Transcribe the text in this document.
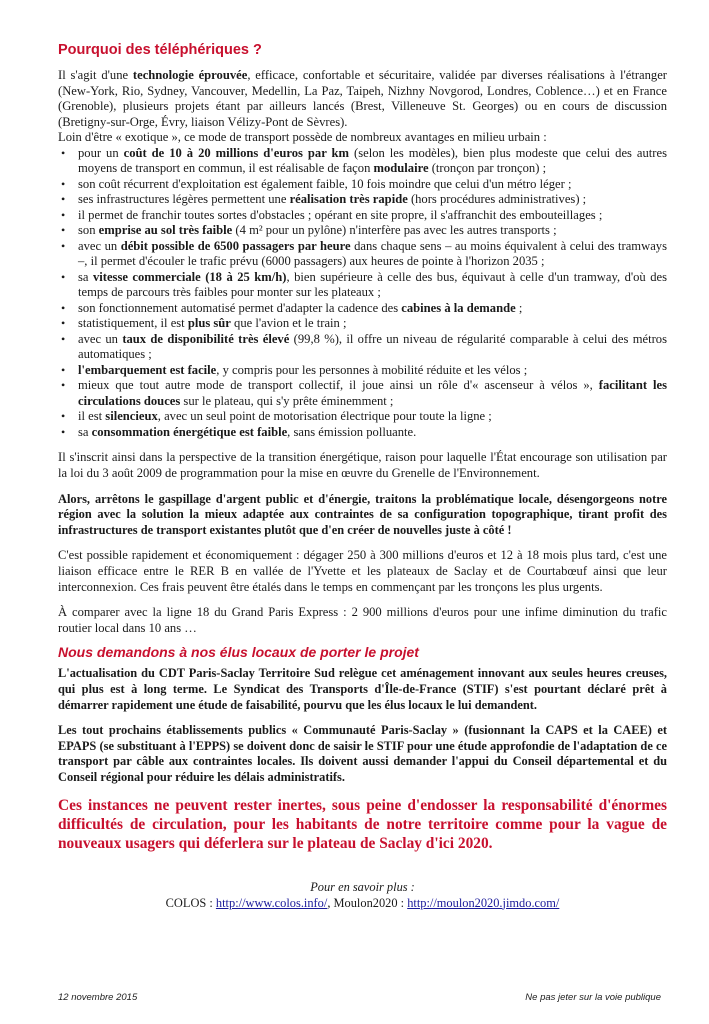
Pourquoi des téléphériques ?

Il s'agit d'une technologie éprouvée, efficace, confortable et sécuritaire, validée par diverses réalisations à l'étranger (New-York, Rio, Sydney, Vancouver, Medellin, La Paz, Taipeh, Nizhny Novgorod, Londres, Coblence…) et en France (Grenoble), plusieurs projets étant par ailleurs lancés (Brest, Villeneuve St. Georges) ou en cours de discussion (Bretigny-sur-Orge, Évry, liaison Vélizy-Pont de Sèvres).

Loin d'être « exotique », ce mode de transport possède de nombreux avantages en milieu urbain :

• pour un coût de 10 à 20 millions d'euros par km (selon les modèles), bien plus modeste que celui des autres moyens de transport en commun, il est réalisable de façon modulaire (tronçon par tronçon) ;
• son coût récurrent d'exploitation est également faible, 10 fois moindre que celui d'un métro léger ;
• ses infrastructures légères permettent une réalisation très rapide (hors procédures administratives) ;
• il permet de franchir toutes sortes d'obstacles ; opérant en site propre, il s'affranchit des embouteillages ;
• son emprise au sol très faible (4 m² pour un pylône) n'interfère pas avec les autres transports ;
• avec un débit possible de 6500 passagers par heure dans chaque sens – au moins équivalent à celui des tramways –, il permet d'écouler le trafic prévu (6000 passagers) aux heures de pointe à l'horizon 2035 ;
• sa vitesse commerciale (18 à 25 km/h), bien supérieure à celle des bus, équivaut à celle d'un tramway, d'où des temps de parcours très faibles pour monter sur les plateaux ;
• son fonctionnement automatisé permet d'adapter la cadence des cabines à la demande ;
• statistiquement, il est plus sûr que l'avion et le train ;
• avec un taux de disponibilité très élevé (99,8 %), il offre un niveau de régularité comparable à celui des métros automatiques ;
• l'embarquement est facile, y compris pour les personnes à mobilité réduite et les vélos ;
• mieux que tout autre mode de transport collectif, il joue ainsi un rôle d'« ascenseur à vélos », facilitant les circulations douces sur le plateau, qui s'y prête éminemment ;
• il est silencieux, avec un seul point de motorisation électrique pour toute la ligne ;
• sa consommation énergétique est faible, sans émission polluante.

Il s'inscrit ainsi dans la perspective de la transition énergétique, raison pour laquelle l'État encourage son utilisation par la loi du 3 août 2009 de programmation pour la mise en œuvre du Grenelle de l'Environnement.

Alors, arrêtons le gaspillage d'argent public et d'énergie, traitons la problématique locale, désengorgeons notre région avec la solution la mieux adaptée aux contraintes de sa configuration topographique, tirant profit des infrastructures de transport existantes plutôt que d'en créer de nouvelles juste à côté !

C'est possible rapidement et économiquement : dégager 250 à 300 millions d'euros et 12 à 18 mois plus tard, c'est une liaison efficace entre le RER B en vallée de l'Yvette et les plateaux de Saclay et de Courtabœuf ainsi que leur interconnexion. Ces frais peuvent être étalés dans le temps en commençant par les tronçons les plus urgents.

À comparer avec la ligne 18 du Grand Paris Express : 2 900 millions d'euros pour une infime diminution du trafic routier local dans 10 ans …

Nous demandons à nos élus locaux de porter le projet

L'actualisation du CDT Paris-Saclay Territoire Sud relègue cet aménagement innovant aux seules heures creuses, qui plus est à long terme. Le Syndicat des Transports d'Île-de-France (STIF) s'est pourtant déclaré prêt à démarrer rapidement une étude de faisabilité, pourvu que les élus locaux le lui demandent.

Les tout prochains établissements publics « Communauté Paris-Saclay » (fusionnant la CAPS et la CAEE) et EPAPS (se substituant à l'EPPS) se doivent donc de saisir le STIF pour une étude approfondie de l'adaptation de ce transport par câble aux contraintes locales. Ils doivent aussi demander l'appui du Conseil départemental et du Conseil régional pour réduire les délais administratifs.

Ces instances ne peuvent rester inertes, sous peine d'endosser la responsabilité d'énormes difficultés de circulation, pour les habitants de notre territoire comme pour la vague de nouveaux usagers qui déferlera sur le plateau de Saclay d'ici 2020.

Pour en savoir plus :
COLOS : http://www.colos.info/, Moulon2020 : http://moulon2020.jimdo.com/
12 novembre 2015	Ne pas jeter sur la voie publique
